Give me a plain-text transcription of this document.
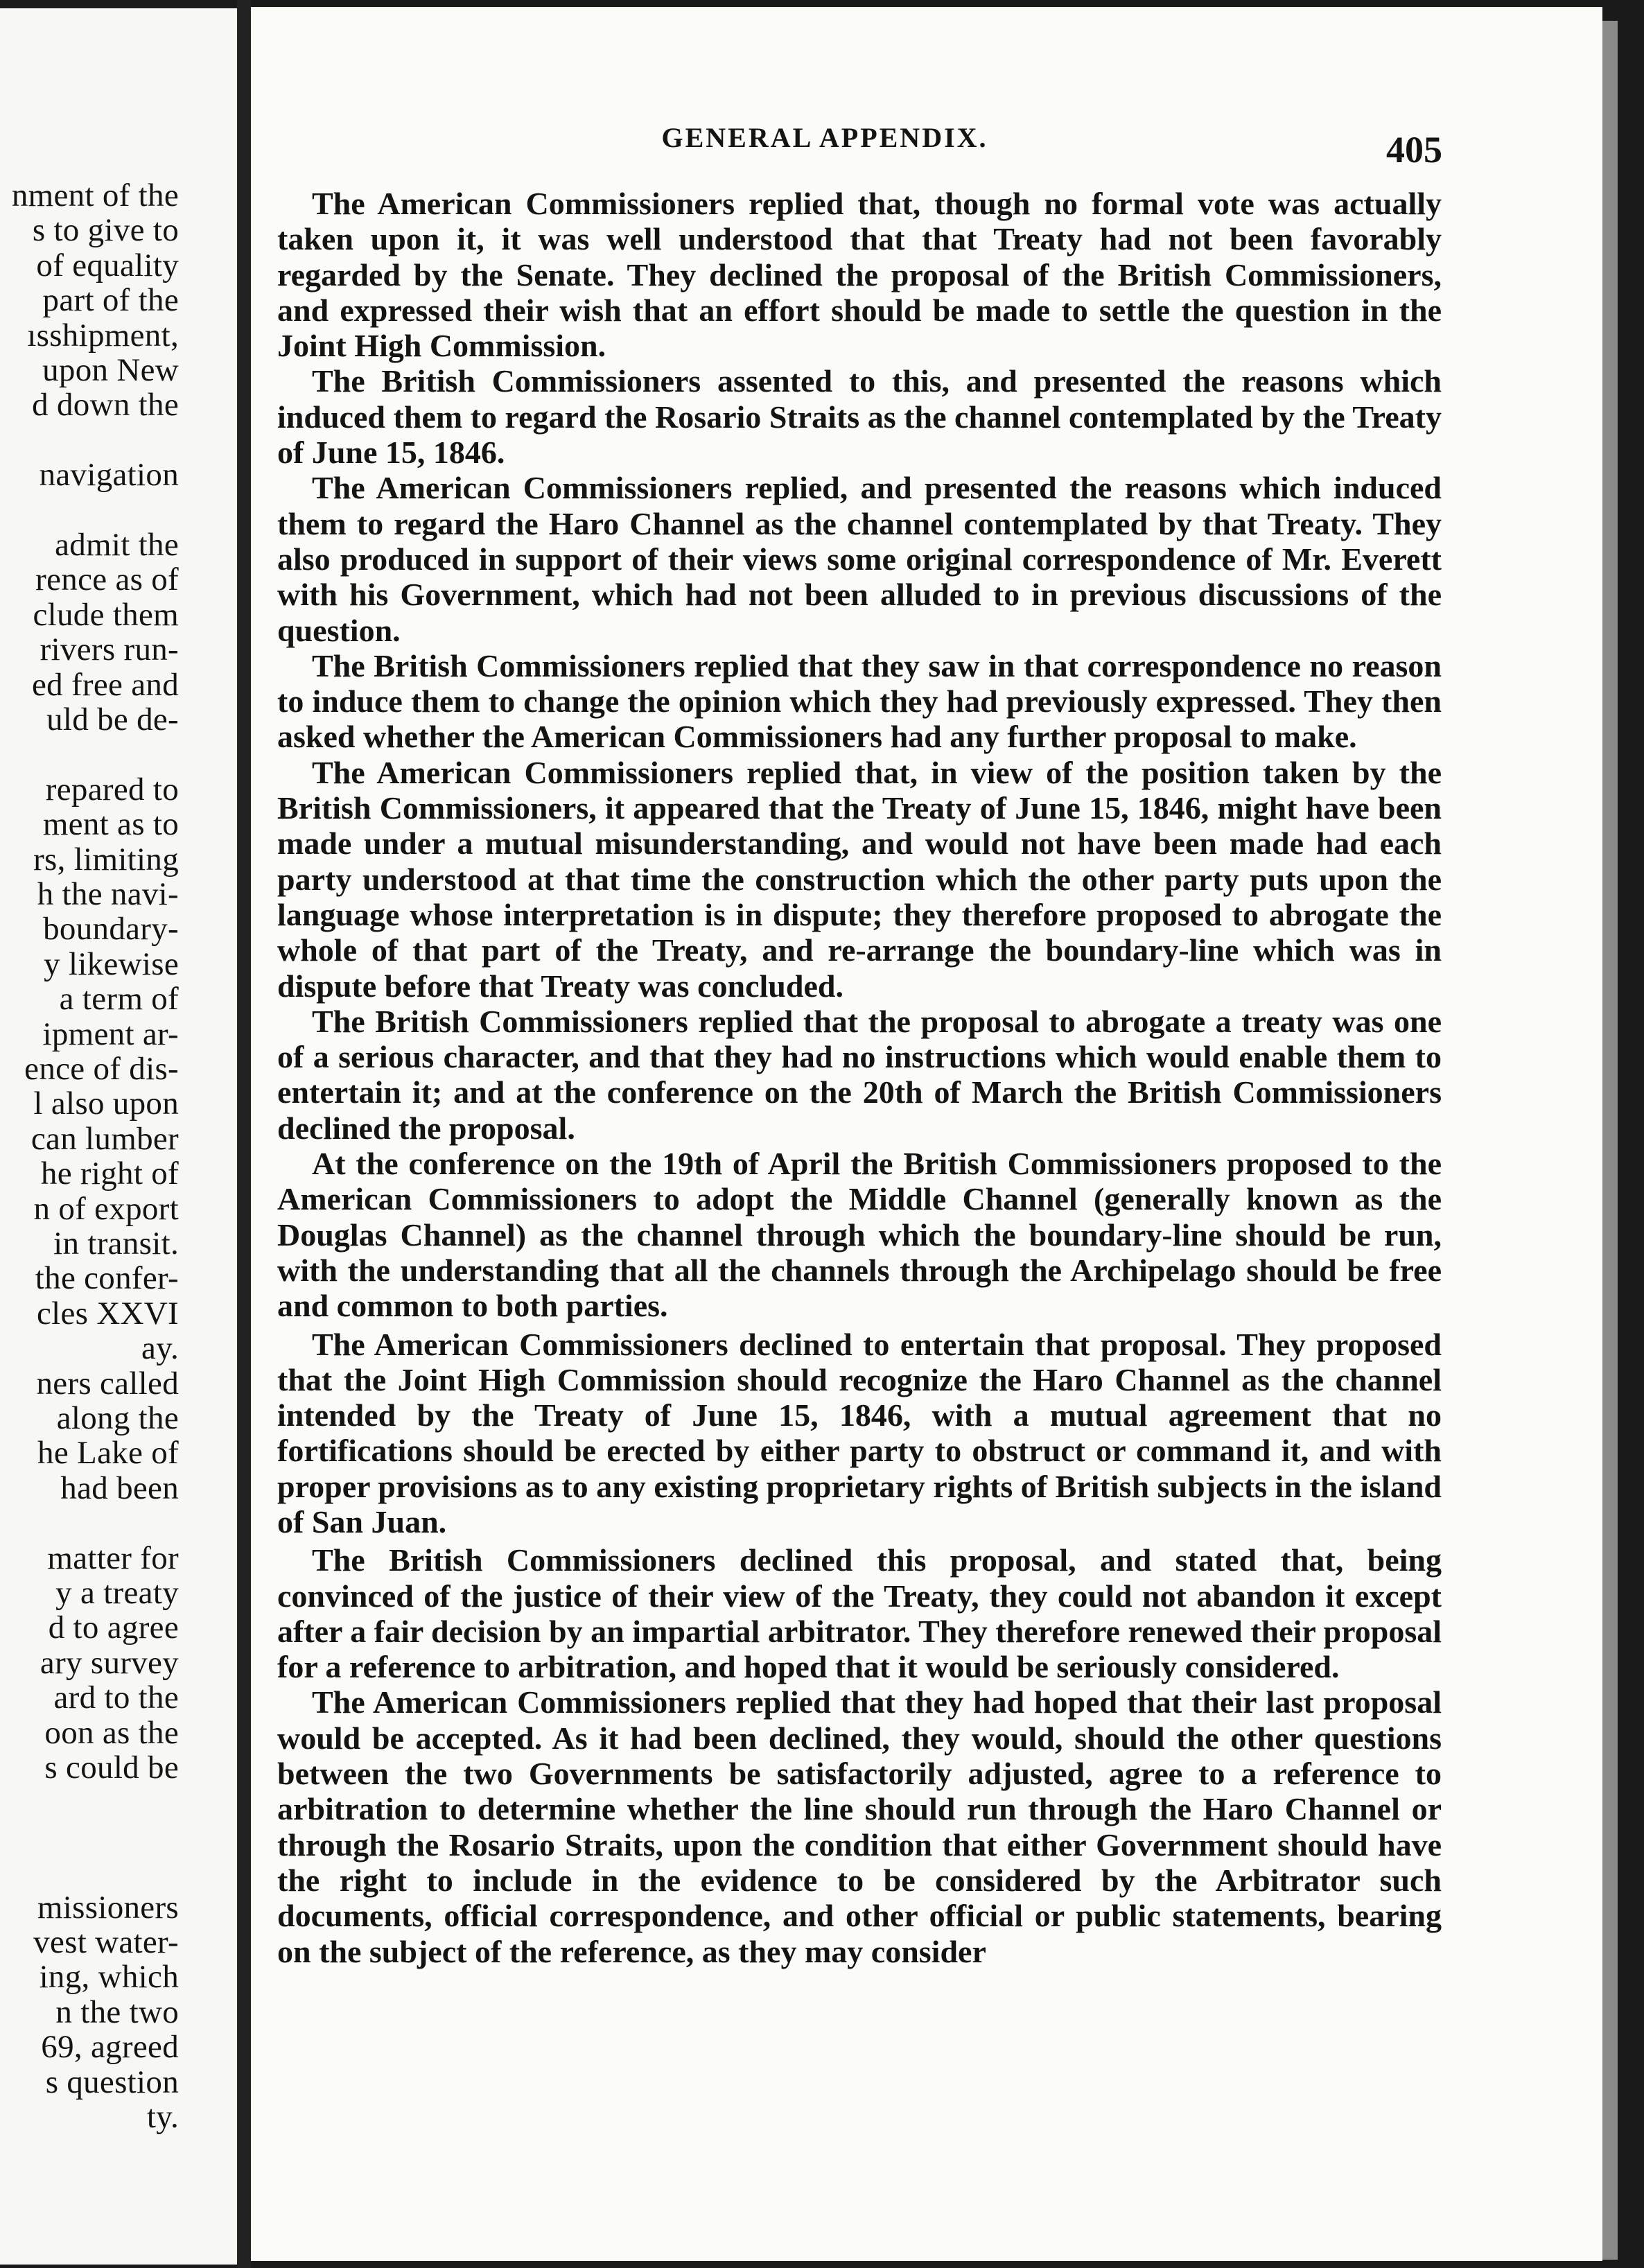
nment of the

s to give to

of equality

part of the

ısshipment,

upon New

d down the

navigation

admit the

rence as of

clude them

rivers run-

ed free and

uld be de-

repared to

ment as to

rs, limiting

h the navi-

boundary-

y likewise

a term of

ipment ar-

ence of dis-

l also upon

can lumber

he right of

n of export

in transit.

the confer-

cles XXVI

ay.

ners called

along the

he Lake of

had been

matter for

y a treaty

d to agree

ary survey

ard to the

oon as the

s could be

missioners

vest water-

ing, which

n the two

69, agreed

s question

ty.

GENERAL APPENDIX.	405

The American Commissioners replied that, though no formal vote was actually taken upon it, it was well understood that that Treaty had not been favorably regarded by the Senate. They declined the proposal of the British Commissioners, and expressed their wish that an effort should be made to settle the question in the Joint High Commission.

The British Commissioners assented to this, and presented the reasons which induced them to regard the Rosario Straits as the channel contemplated by the Treaty of June 15, 1846.

The American Commissioners replied, and presented the reasons which induced them to regard the Haro Channel as the channel contemplated by that Treaty. They also produced in support of their views some original correspondence of Mr. Everett with his Government, which had not been alluded to in previous discussions of the question.

The British Commissioners replied that they saw in that correspondence no reason to induce them to change the opinion which they had previously expressed. They then asked whether the American Commissioners had any further proposal to make.

The American Commissioners replied that, in view of the position taken by the British Commissioners, it appeared that the Treaty of June 15, 1846, might have been made under a mutual misunderstanding, and would not have been made had each party understood at that time the construction which the other party puts upon the language whose interpretation is in dispute; they therefore proposed to abrogate the whole of that part of the Treaty, and re-arrange the boundary-line which was in dispute before that Treaty was concluded.

The British Commissioners replied that the proposal to abrogate a treaty was one of a serious character, and that they had no instructions which would enable them to entertain it; and at the conference on the 20th of March the British Commissioners declined the proposal.

At the conference on the 19th of April the British Commissioners proposed to the American Commissioners to adopt the Middle Channel (generally known as the Douglas Channel) as the channel through which the boundary-line should be run, with the understanding that all the channels through the Archipelago should be free and common to both parties.

The American Commissioners declined to entertain that proposal. They proposed that the Joint High Commission should recognize the Haro Channel as the channel intended by the Treaty of June 15, 1846, with a mutual agreement that no fortifications should be erected by either party to obstruct or command it, and with proper provisions as to any existing proprietary rights of British subjects in the island of San Juan.

The British Commissioners declined this proposal, and stated that, being convinced of the justice of their view of the Treaty, they could not abandon it except after a fair decision by an impartial arbitrator. They therefore renewed their proposal for a reference to arbitration, and hoped that it would be seriously considered.

The American Commissioners replied that they had hoped that their last proposal would be accepted. As it had been declined, they would, should the other questions between the two Governments be satisfactorily adjusted, agree to a reference to arbitration to determine whether the line should run through the Haro Channel or through the Rosario Straits, upon the condition that either Government should have the right to include in the evidence to be considered by the Arbitrator such documents, official correspondence, and other official or public statements, bearing on the subject of the reference, as they may consider
